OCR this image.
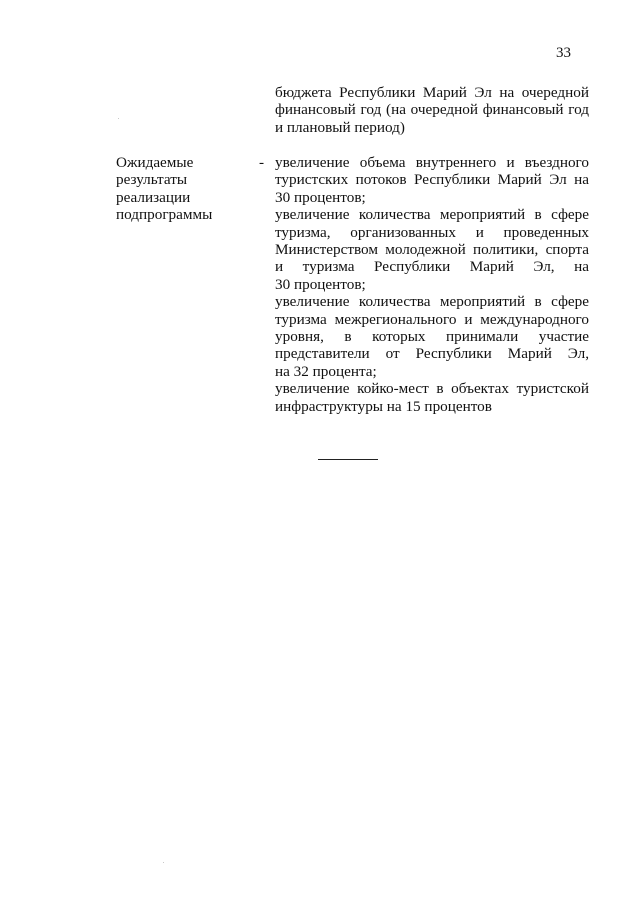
33
бюджета Республики Марий Эл на очередной
финансовый год (на очередной финансовый год
и плановый период)
Ожидаемые
результаты
реализации
подпрограммы
- увеличение объема внутреннего и въездного
туристских потоков Республики Марий Эл на
30 процентов;
увеличение количества мероприятий в сфере
туризма, организованных и проведенных
Министерством молодежной политики, спорта
и туризма Республики Марий Эл, на
30 процентов;
увеличение количества мероприятий в сфере
туризма межрегионального и международного
уровня, в которых принимали участие
представители от Республики Марий Эл,
на 32 процента;
увеличение койко-мест в объектах туристской
инфраструктуры на 15 процентов
